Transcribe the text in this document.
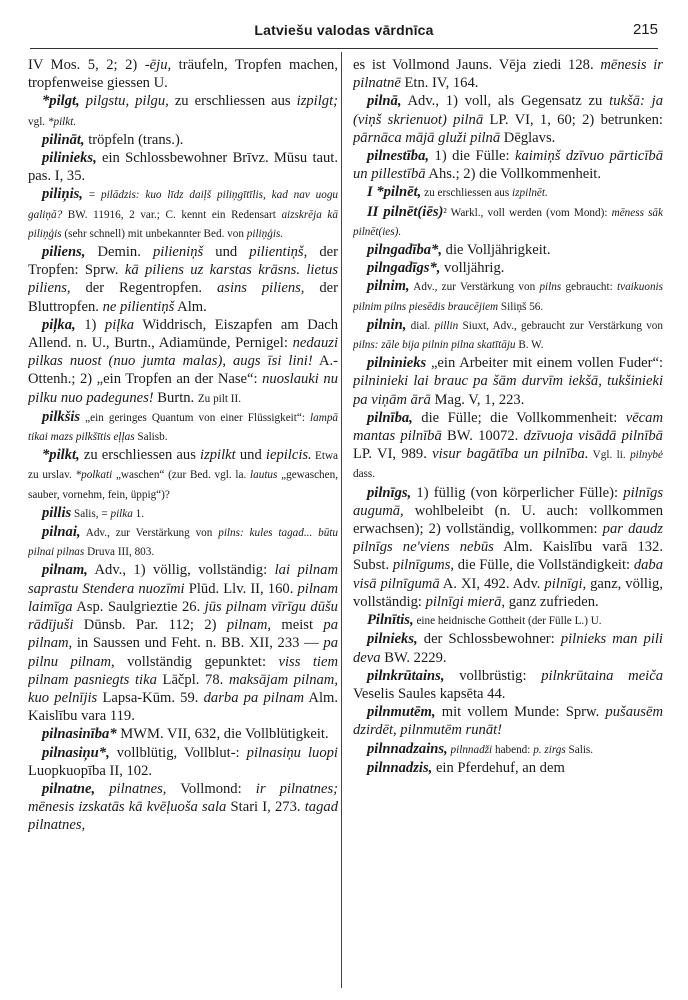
Latviešu valodas vārdnīca	215

IV Mos. 5, 2; 2) -ēju, träufeln, Tropfen machen, tropfenweise giessen U.

*pilgt, pilgstu, pilgu, zu erschliessen aus izpilgt; vgl. *pilkt.

pilināt, tröpfeln (trans.).

pilinieks, ein Schlossbewohner Brīvz. Mūsu taut. pas. I, 35.

piliņis, = pilādzis: kuo līdz daiļš piliņgītīlis, kad nav uogu galiņā? BW. 11916, 2 var.; C. kennt ein Redensart aizskrēja kā piliņģis (sehr schnell) mit unbekannter Bed. von piliņģis.

piliens, Demin. pilieniņš und pilientiņš, der Tropfen: Sprw. kā piliens uz karstas krāsns. lietus piliens, der Regentropfen. asins piliens, der Bluttropfen. ne pilientiņš Alm.

piļka, 1) piļka Widdrisch, Eiszapfen am Dach Allend. n. U., Burtn., Adiamünde, Pernigel: nedauzi pilkas nuost (nuo jumta malas), augs īsi lini! A.-Ottenh.; 2) „ein Tropfen an der Nase“: nuoslauki nu pilku nuo padegunes! Burtn. Zu pilt II.

pilkšis „ein geringes Quantum von einer Flüssigkeit“: lampā tikai mazs pilkšītis eļļas Salisb.

*pilkt, zu erschliessen aus izpilkt und iepilcis. Etwa zu urslav. *polkati „waschen“ (zur Bed. vgl. la. lautus „gewaschen, sauber, vornehm, fein, üppig“)?

pillis Salis, = pilka 1.

pilnai, Adv., zur Verstärkung von pilns: kules tagad... būtu pilnai pilnas Druva III, 803.

pilnam, Adv., 1) völlig, vollständig: lai pilnam saprastu Stendera nuozīmi Plūd. Llv. II, 160. pilnam laimīga Asp. Saulgrieztie 26. jūs pilnam vīrīgu dūšu rādījuši Dūnsb. Par. 112; 2) pilnam, meist pa pilnam, in Saussen und Feht. n. BB. XII, 233 — pa pilnu pilnam, vollständig gepunktet: viss tiem pilnam pasniegts tika Lāčpl. 78. maksājam pilnam, kuo pelnījis Lapsa-Kūm. 59. darba pa pilnam Alm. Kaislību vara 119.

pilnasinība* MWM. VII, 632, die Vollblütigkeit.

pilnasiņu*, vollblütig, Vollblut-: pilnasiņu luopi Luopkuopība II, 102.

pilnatne, pilnatnes, Vollmond: ir pilnatnes; mēnesis izskatās kā kvēļuoša sala Stari I, 273. tagad pilnatnes,

es ist Vollmond Jauns. Vēja ziedi 128. mēnesis ir pilnatnē Etn. IV, 164.

pilnā, Adv., 1) voll, als Gegensatz zu tukšā: ja (viņš skrienuot) pilnā LP. VI, 1, 60; 2) betrunken: pārnāca mājā gluži pilnā Dēglavs.

pilnestība, 1) die Fülle: kaimiņš dzīvuo pārticībā un pillestībā Ahs.; 2) die Vollkommenheit.

I *pilnēt, zu erschliessen aus izpilnēt.

II pilnēt(iēs)² Warkl., voll werden (vom Mond): mēness sāk pilnēt(ies).

pilngadība*, die Volljährigkeit.

pilngadīgs*, volljährig.

pilnim, Adv., zur Verstärkung von pilns gebraucht: tvaikuonis pilnim pilns piesēdis braucējiem Siliņš 56.

pilnin, dial. pillin Siuxt, Adv., gebraucht zur Verstärkung von pilns: zāle bija pilnin pilna skatītāju B. W.

pilninieks „ein Arbeiter mit einem vollen Fuder“: pilninieki lai brauc pa šām durvīm iekšā, tukšinieki pa viņām ārā Mag. V, 1, 223.

pilnība, die Fülle; die Vollkommenheit: vēcam mantas pilnībā BW. 10072. dzīvuoja visādā pilnībā LP. VI, 989. visur bagātība un pilnība. Vgl. li. pilnybė dass.

pilnīgs, 1) füllig (von körperlicher Fülle): pilnīgs augumā, wohlbeleibt (n. U. auch: vollkommen erwachsen); 2) vollständig, vollkommen: par daudz pilnīgs ne'viens nebūs Alm. Kaislību varā 132. Subst. pilnīgums, die Fülle, die Vollständigkeit: daba visā pilnīgumā A. XI, 492. Adv. pilnīgi, ganz, völlig, vollständig: pilnīgi mierā, ganz zufrieden.

Pilnītis, eine heidnische Gottheit (der Fülle L.) U.

pilnieks, der Schlossbewohner: pilnieks man pili deva BW. 2229.

pilnkrūtains, vollbrüstig: pilnkrūtaina meiča Veselis Saules kapsēta 44.

pilnmutēm, mit vollem Munde: Sprw. pušausēm dzirdēt, pilnmutēm runāt!

pilnnadzains, pilnnadži habend: p. zirgs Salis.

pilnnadzis, ein Pferdehuf, an dem
